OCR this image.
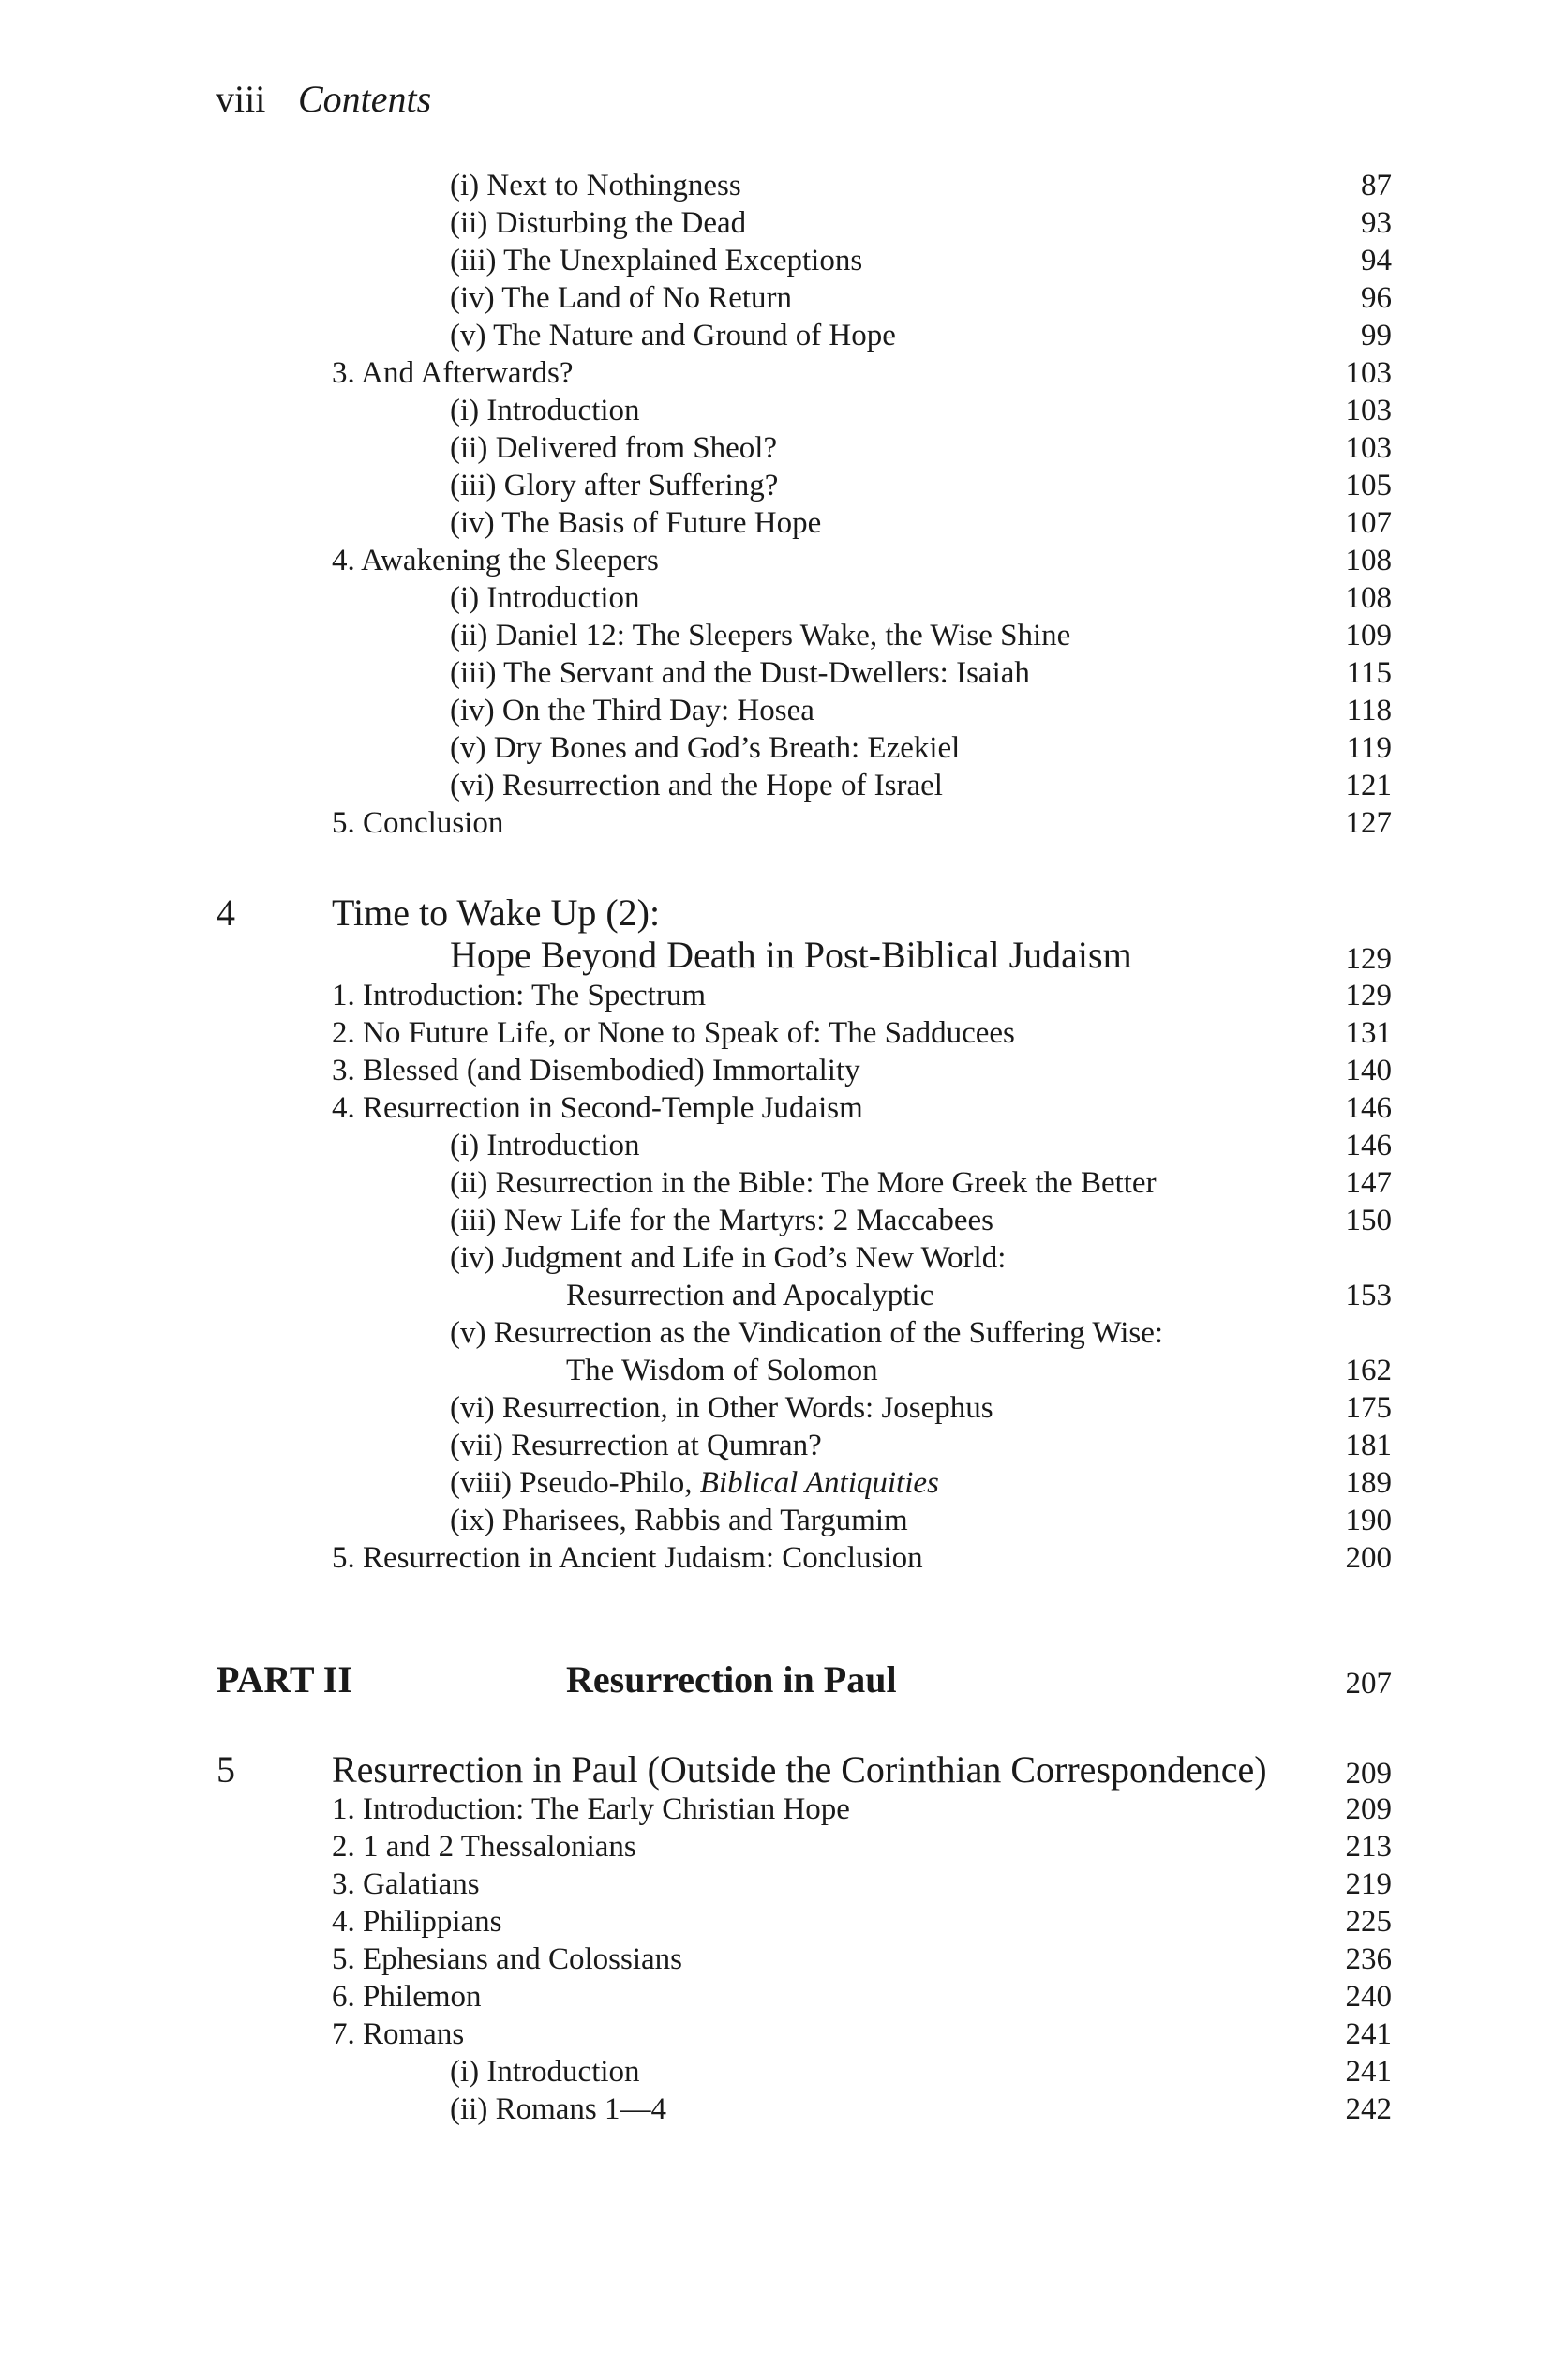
viii Contents
(i) Next to Nothingness	87
(ii) Disturbing the Dead	93
(iii) The Unexplained Exceptions	94
(iv) The Land of No Return	96
(v) The Nature and Ground of Hope	99
3. And Afterwards?	103
(i) Introduction	103
(ii) Delivered from Sheol?	103
(iii) Glory after Suffering?	105
(iv) The Basis of Future Hope	107
4. Awakening the Sleepers	108
(i) Introduction	108
(ii) Daniel 12: The Sleepers Wake, the Wise Shine	109
(iii) The Servant and the Dust-Dwellers: Isaiah	115
(iv) On the Third Day: Hosea	118
(v) Dry Bones and God’s Breath: Ezekiel	119
(vi) Resurrection and the Hope of Israel	121
5. Conclusion	127
4	Time to Wake Up (2):
Hope Beyond Death in Post-Biblical Judaism	129
1. Introduction: The Spectrum	129
2. No Future Life, or None to Speak of: The Sadducees	131
3. Blessed (and Disembodied) Immortality	140
4. Resurrection in Second-Temple Judaism	146
(i) Introduction	146
(ii) Resurrection in the Bible: The More Greek the Better	147
(iii) New Life for the Martyrs: 2 Maccabees	150
(iv) Judgment and Life in God’s New World:
Resurrection and Apocalyptic	153
(v) Resurrection as the Vindication of the Suffering Wise:
The Wisdom of Solomon	162
(vi) Resurrection, in Other Words: Josephus	175
(vii) Resurrection at Qumran?	181
(viii) Pseudo-Philo, Biblical Antiquities	189
(ix) Pharisees, Rabbis and Targumim	190
5. Resurrection in Ancient Judaism: Conclusion	200
PART II	Resurrection in Paul	207
5	Resurrection in Paul (Outside the Corinthian Correspondence)	209
1. Introduction: The Early Christian Hope	209
2. 1 and 2 Thessalonians	213
3. Galatians	219
4. Philippians	225
5. Ephesians and Colossians	236
6. Philemon	240
7. Romans	241
(i) Introduction	241
(ii) Romans 1—4	242
